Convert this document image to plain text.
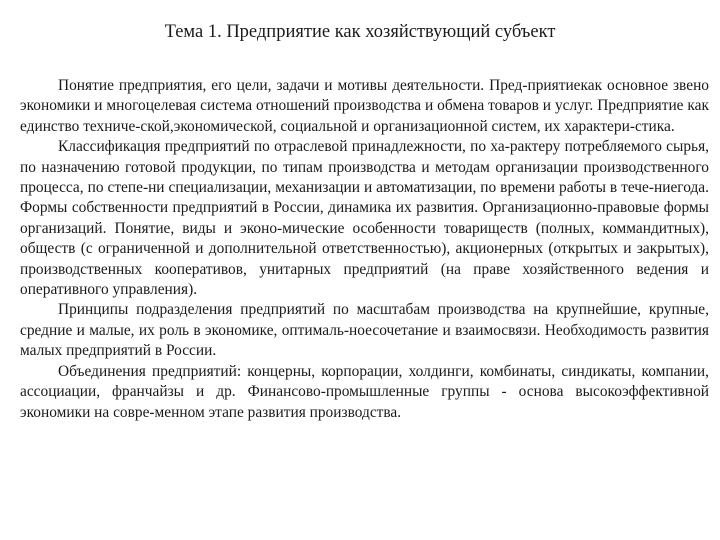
Тема 1. Предприятие как хозяйствующий субъект

Понятие предприятия, его цели, задачи и мотивы деятельности. Пред-приятиекак основное звено экономики и многоцелевая система отношений производства и обмена товаров и услуг. Предприятие как единство техниче-ской,экономической, социальной и организационной систем, их характери-стика.

Классификация предприятий по отраслевой принадлежности, по ха-рактеру потребляемого сырья, по назначению готовой продукции, по типам производства и методам организации производственного процесса, по степе-ни специализации, механизации и автоматизации, по времени работы в тече-ниегода. Формы собственности предприятий в России, динамика их развития. Организационно-правовые формы организаций. Понятие, виды и эконо-мические особенности товариществ (полных, коммандитных), обществ (с ограниченной и дополнительной ответственностью), акционерных (открытых и закрытых), производственных кооперативов, унитарных предприятий (на праве хозяйственного ведения и оперативного управления).

Принципы подразделения предприятий по масштабам производства на крупнейшие, крупные, средние и малые, их роль в экономике, оптималь-ноесочетание и взаимосвязи. Необходимость развития малых предприятий в России.

Объединения предприятий: концерны, корпорации, холдинги, комбинаты, синдикаты, компании, ассоциации, франчайзы и др. Финансово-промышленные группы - основа высокоэффективной экономики на совре-менном этапе развития производства.
